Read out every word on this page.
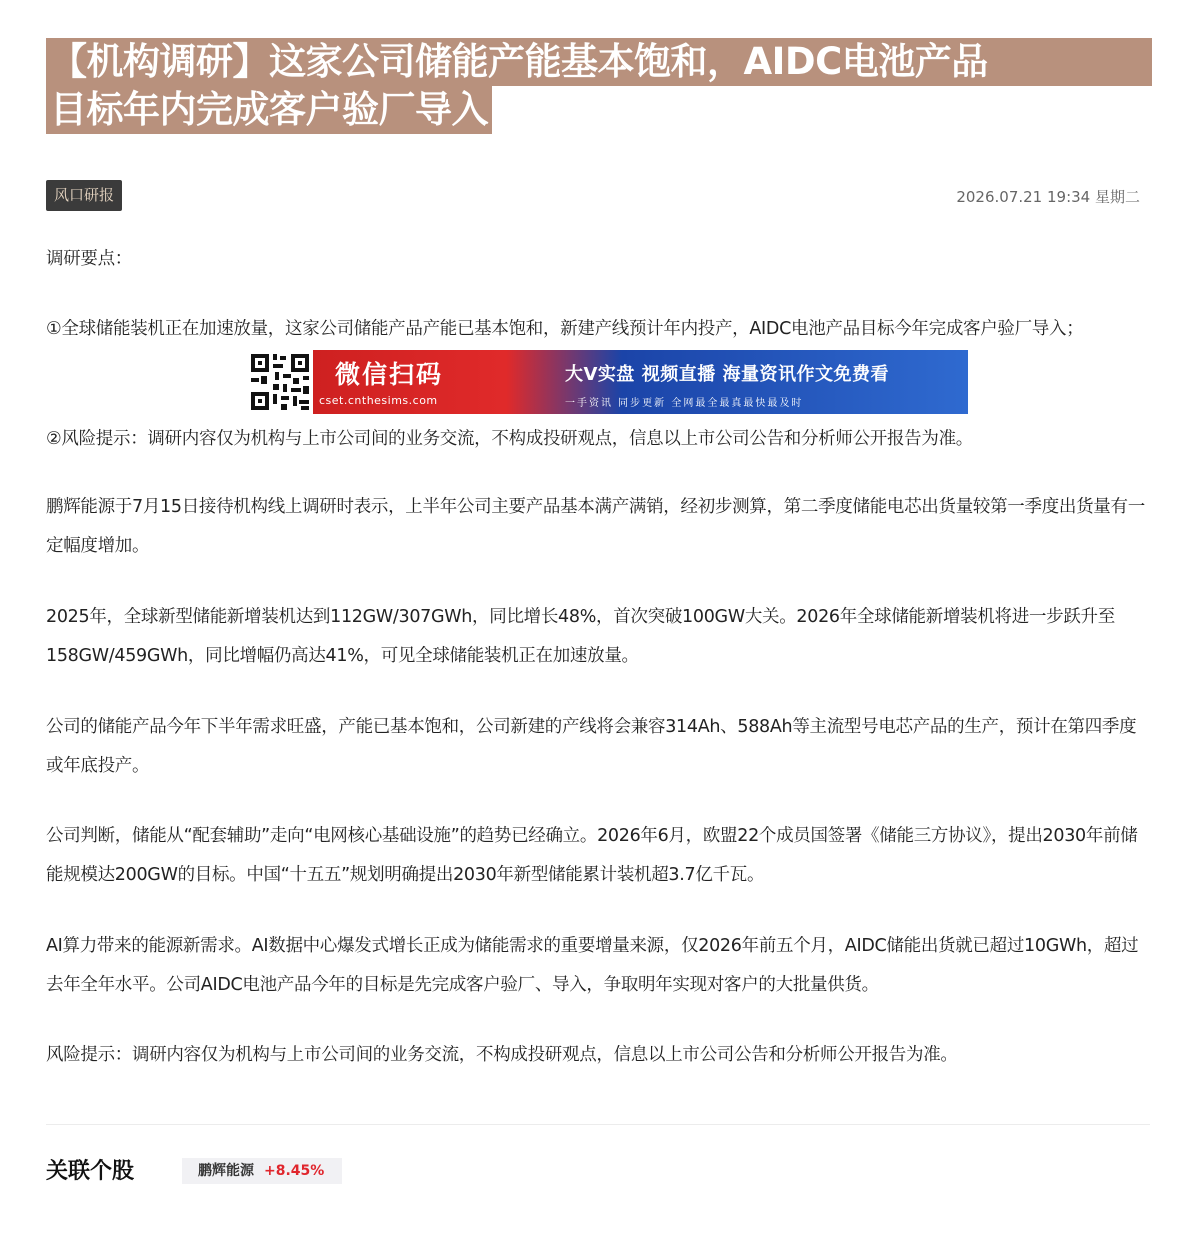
【机构调研】这家公司储能产能基本饱和，AIDC电池产品
目标年内完成客户验厂导入
风口研报	2026.07.21 19:34 星期二

调研要点：

①全球储能装机正在加速放量，这家公司储能产品产能已基本饱和，新建产线预计年内投产，AIDC电池产品目标今年完成客户验厂导入；

②风险提示：调研内容仅为机构与上市公司间的业务交流，不构成投研观点，信息以上市公司公告和分析师公开报告为准。

鹏辉能源于7月15日接待机构线上调研时表示，上半年公司主要产品基本满产满销，经初步测算，第二季度储能电芯出货量较第一季度出货量有一定幅度增加。

2025年，全球新型储能新增装机达到112GW/307GWh，同比增长48%，首次突破100GW大关。2026年全球储能新增装机将进一步跃升至158GW/459GWh，同比增幅仍高达41%，可见全球储能装机正在加速放量。

公司的储能产品今年下半年需求旺盛，产能已基本饱和，公司新建的产线将会兼容314Ah、588Ah等主流型号电芯产品的生产，预计在第四季度或年底投产。

公司判断，储能从“配套辅助”走向“电网核心基础设施”的趋势已经确立。2026年6月，欧盟22个成员国签署《储能三方协议》，提出2030年前储能规模达200GW的目标。中国“十五五”规划明确提出2030年新型储能累计装机超3.7亿千瓦。

AI算力带来的能源新需求。AI数据中心爆发式增长正成为储能需求的重要增量来源，仅2026年前五个月，AIDC储能出货就已超过10GWh，超过去年全年水平。公司AIDC电池产品今年的目标是先完成客户验厂、导入，争取明年实现对客户的大批量供货。

风险提示：调研内容仅为机构与上市公司间的业务交流，不构成投研观点，信息以上市公司公告和分析师公开报告为准。

微信扫码
cset.cnthesims.com
大V实盘 视频直播 海量资讯作文免费看
一手资讯 同步更新 全网最全最真最快最及时
关联个股	鹏辉能源 +8.45%
